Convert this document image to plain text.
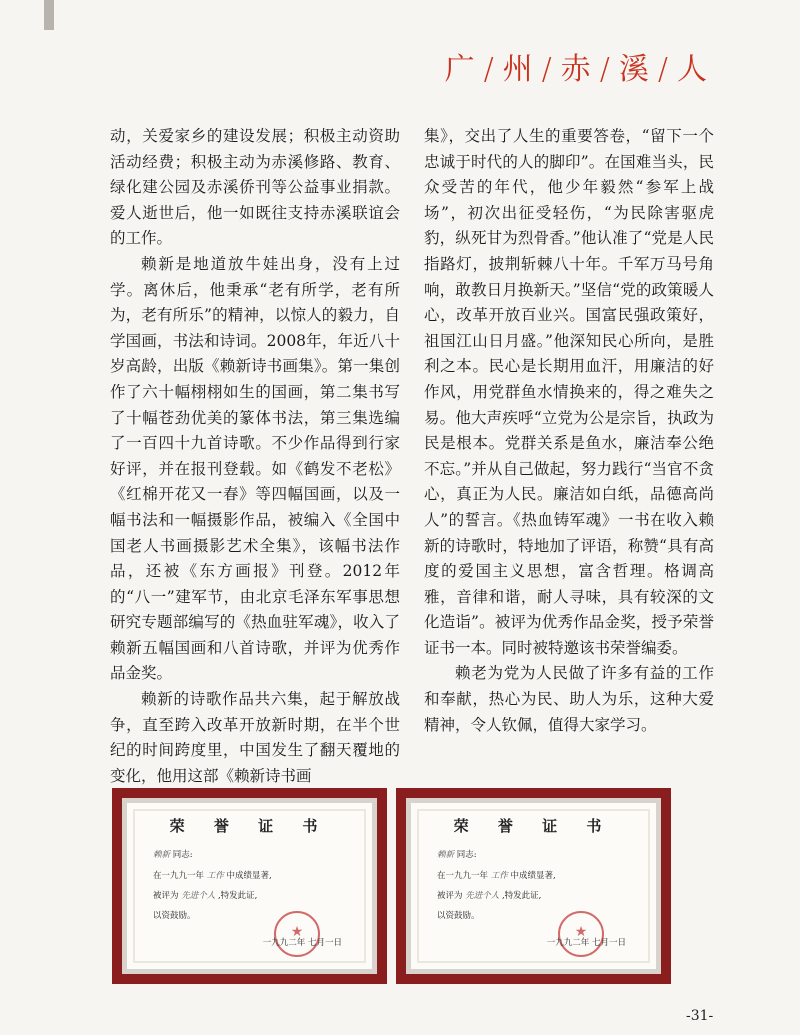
广 / 州 / 赤 / 溪 / 人

动，关爱家乡的建设发展；积极主动资助活动经费；积极主动为赤溪修路、教育、绿化建公园及赤溪侨刊等公益事业捐款。爱人逝世后，他一如既往支持赤溪联谊会的工作。

赖新是地道放牛娃出身，没有上过学。离休后，他秉承“老有所学，老有所为，老有所乐”的精神，以惊人的毅力，自学国画，书法和诗词。2008年，年近八十岁高龄，出版《赖新诗书画集》。第一集创作了六十幅栩栩如生的国画，第二集书写了十幅苍劲优美的篆体书法，第三集选编了一百四十九首诗歌。不少作品得到行家好评，并在报刊登载。如《鹤发不老松》《红棉开花又一春》等四幅国画，以及一幅书法和一幅摄影作品，被编入《全国中国老人书画摄影艺术全集》，该幅书法作品，还被《东方画报》刊登。2012年的“八一”建军节，由北京毛泽东军事思想研究专题部编写的《热血驻军魂》，收入了赖新五幅国画和八首诗歌，并评为优秀作品金奖。

赖新的诗歌作品共六集，起于解放战争，直至跨入改革开放新时期，在半个世纪的时间跨度里，中国发生了翻天覆地的变化，他用这部《赖新诗书画

集》，交出了人生的重要答卷，“留下一个忠诚于时代的人的脚印”。在国难当头，民众受苦的年代，他少年毅然“参军上战场”，初次出征受轻伤，“为民除害驱虎豹，纵死甘为烈骨香。”他认准了“党是人民指路灯，披荆斩棘八十年。千军万马号角响，敢教日月换新天。”坚信“党的政策暖人心，改革开放百业兴。国富民强政策好，祖国江山日月盛。”他深知民心所向，是胜利之本。民心是长期用血汗，用廉洁的好作风，用党群鱼水情换来的，得之难失之易。他大声疾呼“立党为公是宗旨，执政为民是根本。党群关系是鱼水，廉洁奉公绝不忘。”并从自己做起，努力践行“当官不贪心，真正为人民。廉洁如白纸，品德高尚人”的誓言。《热血铸军魂》一书在收入赖新的诗歌时，特地加了评语，称赞“具有高度的爱国主义思想，富含哲理。格调高雅，音律和谐，耐人寻味，具有较深的文化造诣”。被评为优秀作品金奖，授予荣誉证书一本。同时被特邀该书荣誉编委。

赖老为党为人民做了许多有益的工作和奉献，热心为民、助人为乐，这种大爱精神，令人钦佩，值得大家学习。

荣 誉 证 书
赖新 同志:
在一九九一年 工作 中成绩显著,
被评为 先进个人 ,特发此证,
以资鼓励。
★
一九九二年 七月一日
荣 誉 证 书
赖新 同志:
在一九九一年 工作 中成绩显著,
被评为 先进个人 ,特发此证,
以资鼓励。
★
一九九二年 七月一日
-31-
